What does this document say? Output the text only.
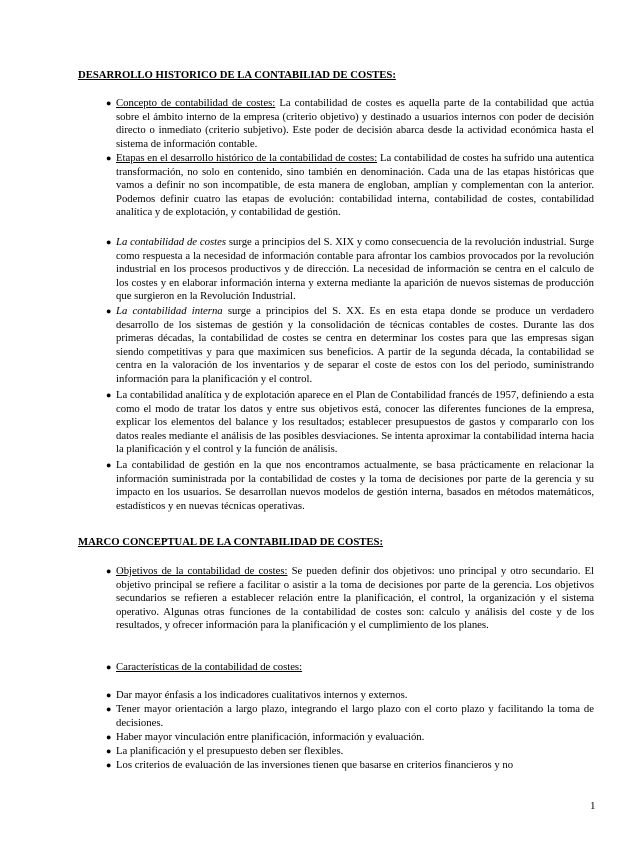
DESARROLLO HISTORICO DE LA CONTABILIAD DE COSTES:
● Concepto de contabilidad de costes: La contabilidad de costes es aquella parte de la contabilidad que actúa sobre el ámbito interno de la empresa (criterio objetivo) y destinado a usuarios internos con poder de decisión directo o inmediato (criterio subjetivo). Este poder de decisión abarca desde la actividad económica hasta el sistema de información contable.
● Etapas en el desarrollo histórico de la contabilidad de costes: La contabilidad de costes ha sufrido una autentica transformación, no solo en contenido, sino también en denominación. Cada una de las etapas históricas que vamos a definir no son incompatible, de esta manera de engloban, amplían y complementan con la anterior. Podemos definir cuatro las etapas de evolución: contabilidad interna, contabilidad de costes, contabilidad analítica y de explotación, y contabilidad de gestión.
● La contabilidad de costes surge a principios del S. XIX y como consecuencia de la revolución industrial. Surge como respuesta a la necesidad de información contable para afrontar los cambios provocados por la revolución industrial en los procesos productivos y de dirección. La necesidad de información se centra en el calculo de los costes y en elaborar información interna y externa mediante la aparición de nuevos sistemas de producción que surgieron en la Revolución Industrial.
● La contabilidad interna surge a principios del S. XX. Es en esta etapa donde se produce un verdadero desarrollo de los sistemas de gestión y la consolidación de técnicas contables de costes. Durante las dos primeras décadas, la contabilidad de costes se centra en determinar los costes para que las empresas sigan siendo competitivas y para que maximicen sus beneficios. A partir de la segunda década, la contabilidad se centra en la valoración de los inventarios y de separar el coste de estos con los del periodo, suministrando información para la planificación y el control.
● La contabilidad analítica y de explotación aparece en el Plan de Contabilidad francés de 1957, definiendo a esta como el modo de tratar los datos y entre sus objetivos está, conocer las diferentes funciones de la empresa, explicar los elementos del balance y los resultados; establecer presupuestos de gastos y compararlo con los datos reales mediante el análisis de las posibles desviaciones. Se intenta aproximar la contabilidad interna hacia la planificación y el control y la función de análisis.
● La contabilidad de gestión en la que nos encontramos actualmente, se basa prácticamente en relacionar la información suministrada por la contabilidad de costes y la toma de decisiones por parte de la gerencia y su impacto en los usuarios. Se desarrollan nuevos modelos de gestión interna, basados en métodos matemáticos, estadísticos y en nuevas técnicas operativas.
MARCO CONCEPTUAL DE LA CONTABILIDAD DE COSTES:
● Objetivos de la contabilidad de costes: Se pueden definir dos objetivos: uno principal y otro secundario. El objetivo principal se refiere a facilitar o asistir a la toma de decisiones por parte de la gerencia. Los objetivos secundarios se refieren a establecer relación entre la planificación, el control, la organización y el sistema operativo. Algunas otras funciones de la contabilidad de costes son: calculo y análisis del coste y de los resultados, y ofrecer información para la planificación y el cumplimiento de los planes.
● Características de la contabilidad de costes:
● Dar mayor énfasis a los indicadores cualitativos internos y externos.
● Tener mayor orientación a largo plazo, integrando el largo plazo con el corto plazo y facilitando la toma de decisiones.
● Haber mayor vinculación entre planificación, información y evaluación.
● La planificación y el presupuesto deben ser flexibles.
● Los criterios de evaluación de las inversiones tienen que basarse en criterios financieros y no
1
